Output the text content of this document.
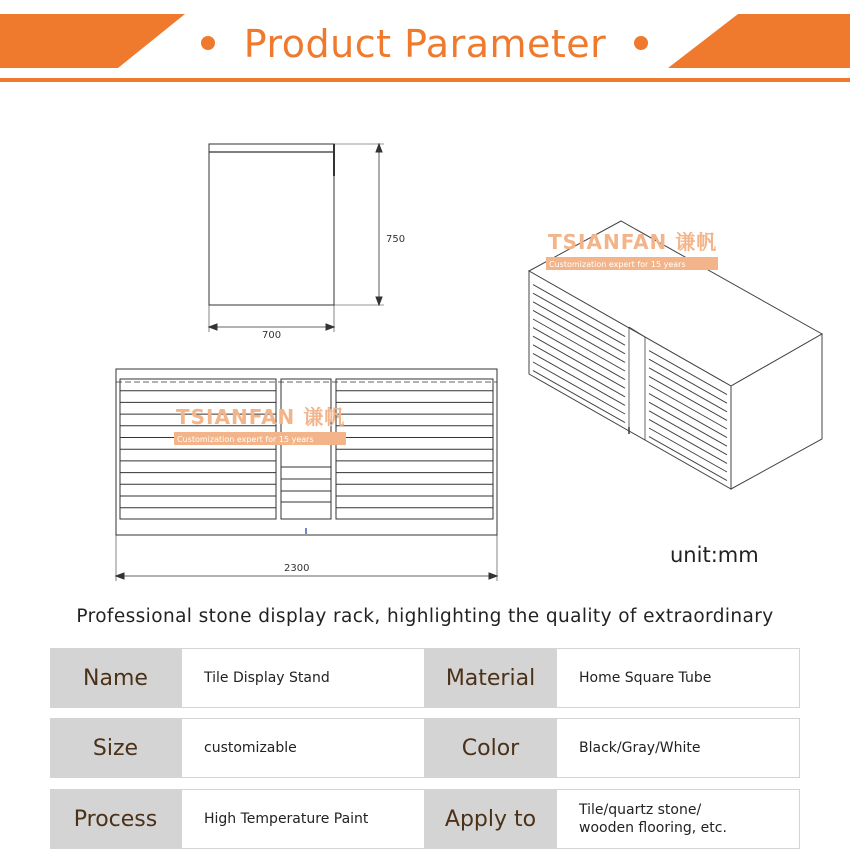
Product Parameter
750
700
TSIANFAN 谦帆
Customization expert for 15 years
2300
TSIANFAN 谦帆
Customization expert for 15 years
unit:mm
Professional stone display rack, highlighting the quality of extraordinary
Name	Tile Display Stand	Material	Home Square Tube
Size	customizable	Color	Black/Gray/White
Process	High Temperature Paint	Apply to	Tile/quartz stone/
wooden flooring, etc.
